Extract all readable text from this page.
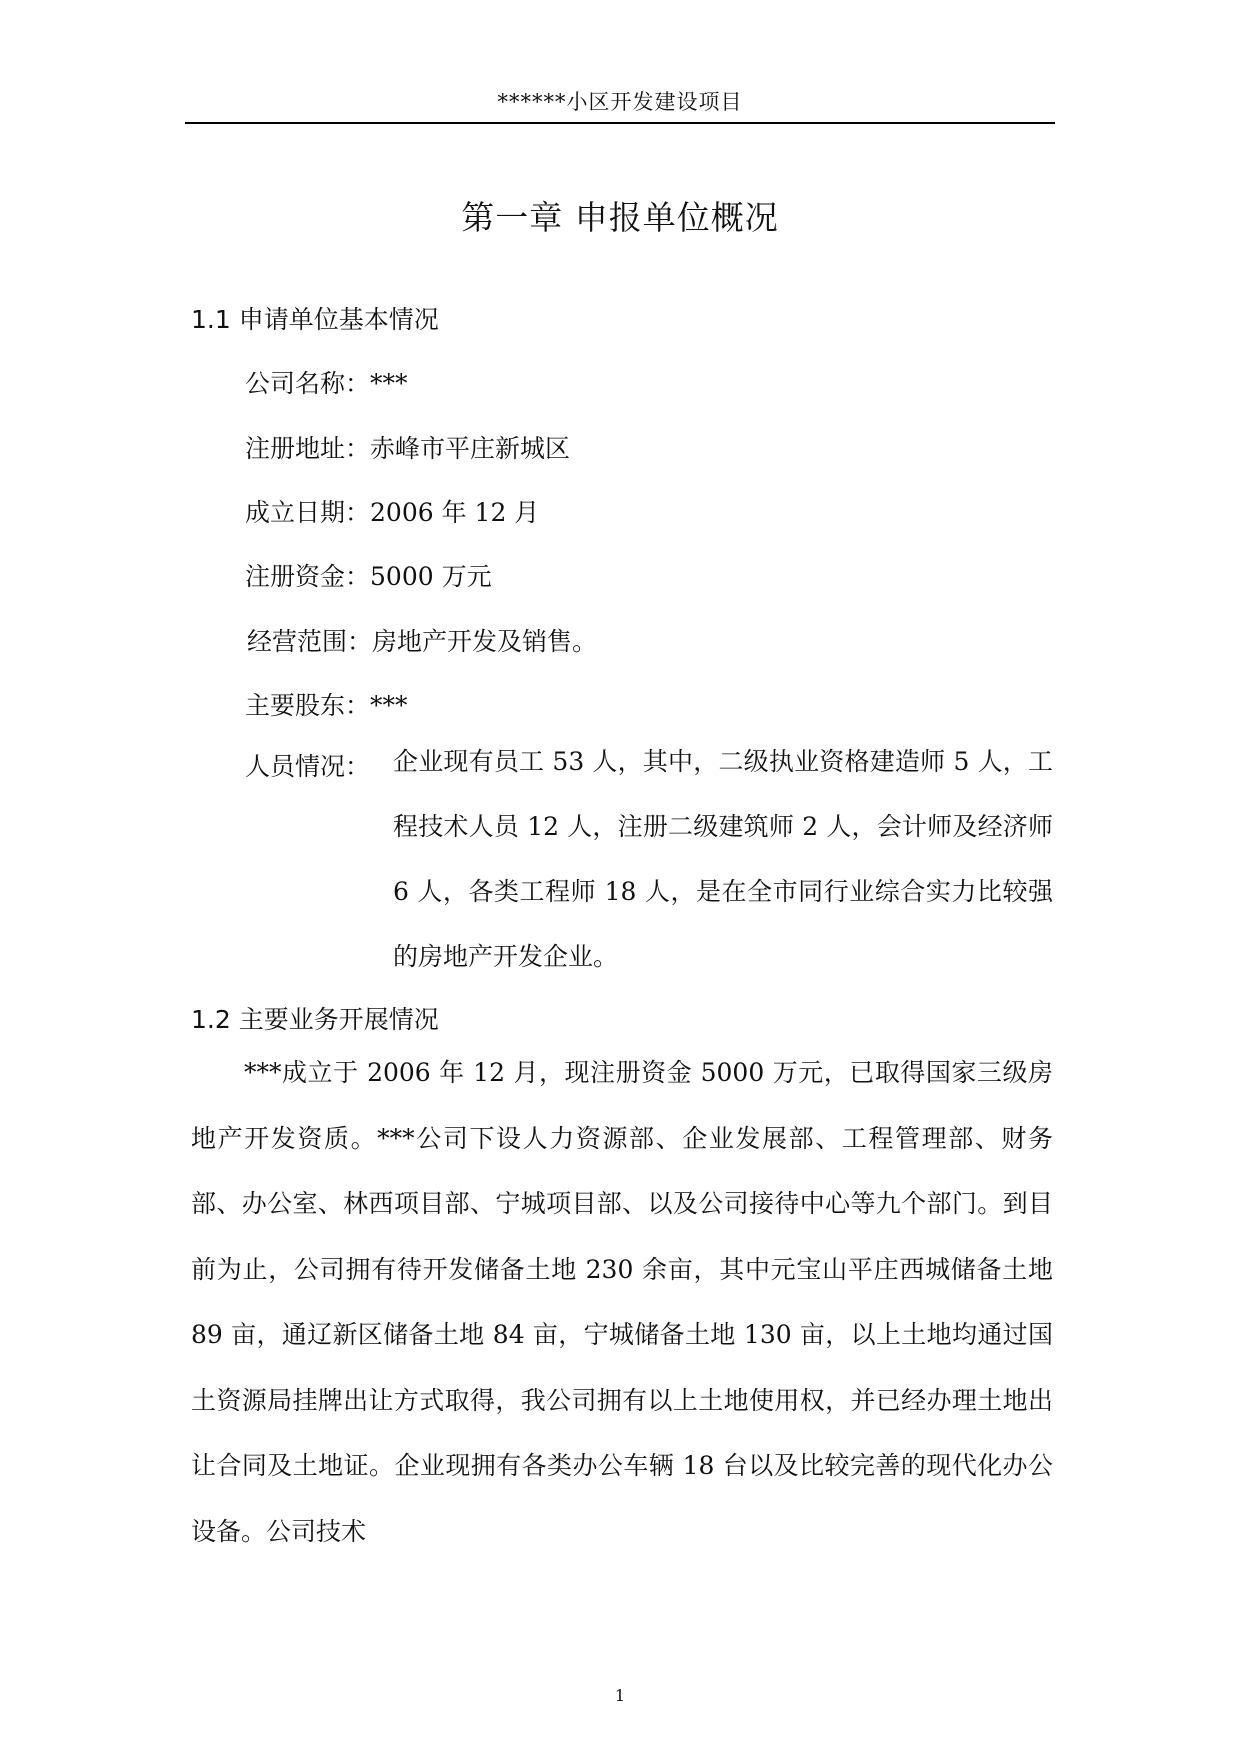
******小区开发建设项目
第一章 申报单位概况
1.1 申请单位基本情况
公司名称：***
注册地址：赤峰市平庄新城区
成立日期：2006 年 12 月
注册资金：5000 万元
经营范围：房地产开发及销售。
主要股东：***
人员情况： 企业现有员工 53 人，其中，二级执业资格建造师 5 人，工程技术人员 12 人，注册二级建筑师 2 人，会计师及经济师 6 人，各类工程师 18 人，是在全市同行业综合实力比较强的房地产开发企业。
1.2 主要业务开展情况
***成立于 2006 年 12 月，现注册资金 5000 万元，已取得国家三级房地产开发资质。***公司下设人力资源部、企业发展部、工程管理部、财务部、办公室、林西项目部、宁城项目部、以及公司接待中心等九个部门。到目前为止，公司拥有待开发储备土地 230 余亩，其中元宝山平庄西城储备土地 89 亩，通辽新区储备土地 84 亩，宁城储备土地 130 亩，以上土地均通过国土资源局挂牌出让方式取得，我公司拥有以上土地使用权，并已经办理土地出让合同及土地证。企业现拥有各类办公车辆 18 台以及比较完善的现代化办公设备。公司技术
1
